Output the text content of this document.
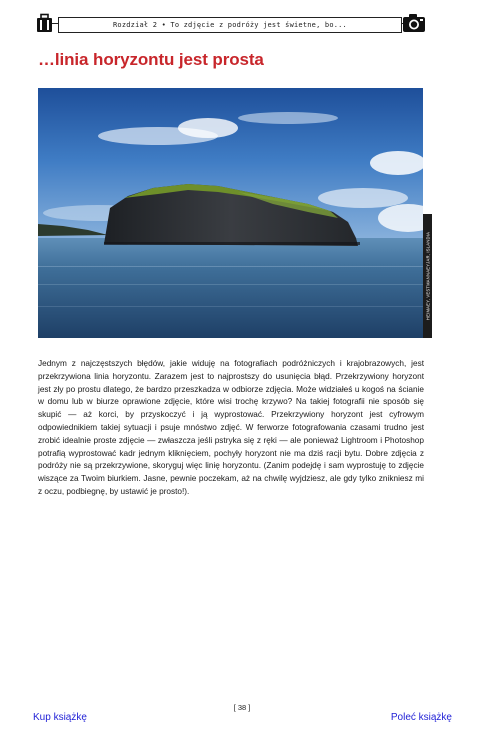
Rozdział 2 • To zdjęcie z podróży jest świetne, bo...
…linia horyzontu jest prosta
HEIMAEY, VESTMANNAEYJAR, ISLANDIA
Jednym z najczęstszych błędów, jakie widuję na fotografiach podróżniczych i krajobrazowych, jest przekrzywiona linia horyzontu. Zarazem jest to najprostszy do usunięcia błąd. Przekrzywiony horyzont jest zły po prostu dlatego, że bardzo przeszkadza w odbiorze zdjęcia. Może widziałeś u kogoś na ścianie w domu lub w biurze oprawione zdjęcie, które wisi trochę krzywo? Na takiej fotografii nie sposób się skupić — aż korci, by przyskoczyć i ją wyprostować. Przekrzywiony horyzont jest cyfrowym odpowiednikiem takiej sytuacji i psuje mnóstwo zdjęć. W ferworze fotografowania czasami trudno jest zrobić idealnie proste zdjęcie — zwłaszcza jeśli pstryka się z ręki — ale ponieważ Lightroom i Photoshop potrafią wyprostować kadr jednym kliknięciem, pochyły horyzont nie ma dziś racji bytu. Dobre zdjęcia z podróży nie są przekrzywione, skoryguj więc linię horyzontu. (Zanim podejdę i sam wyprostuję to zdjęcie wiszące za Twoim biurkiem. Jasne, pewnie poczekam, aż na chwilę wyjdziesz, ale gdy tylko znikniesz mi z oczu, podbiegnę, by ustawić je prosto!).
[ 38 ]
Kup książkę	Poleć książkę
